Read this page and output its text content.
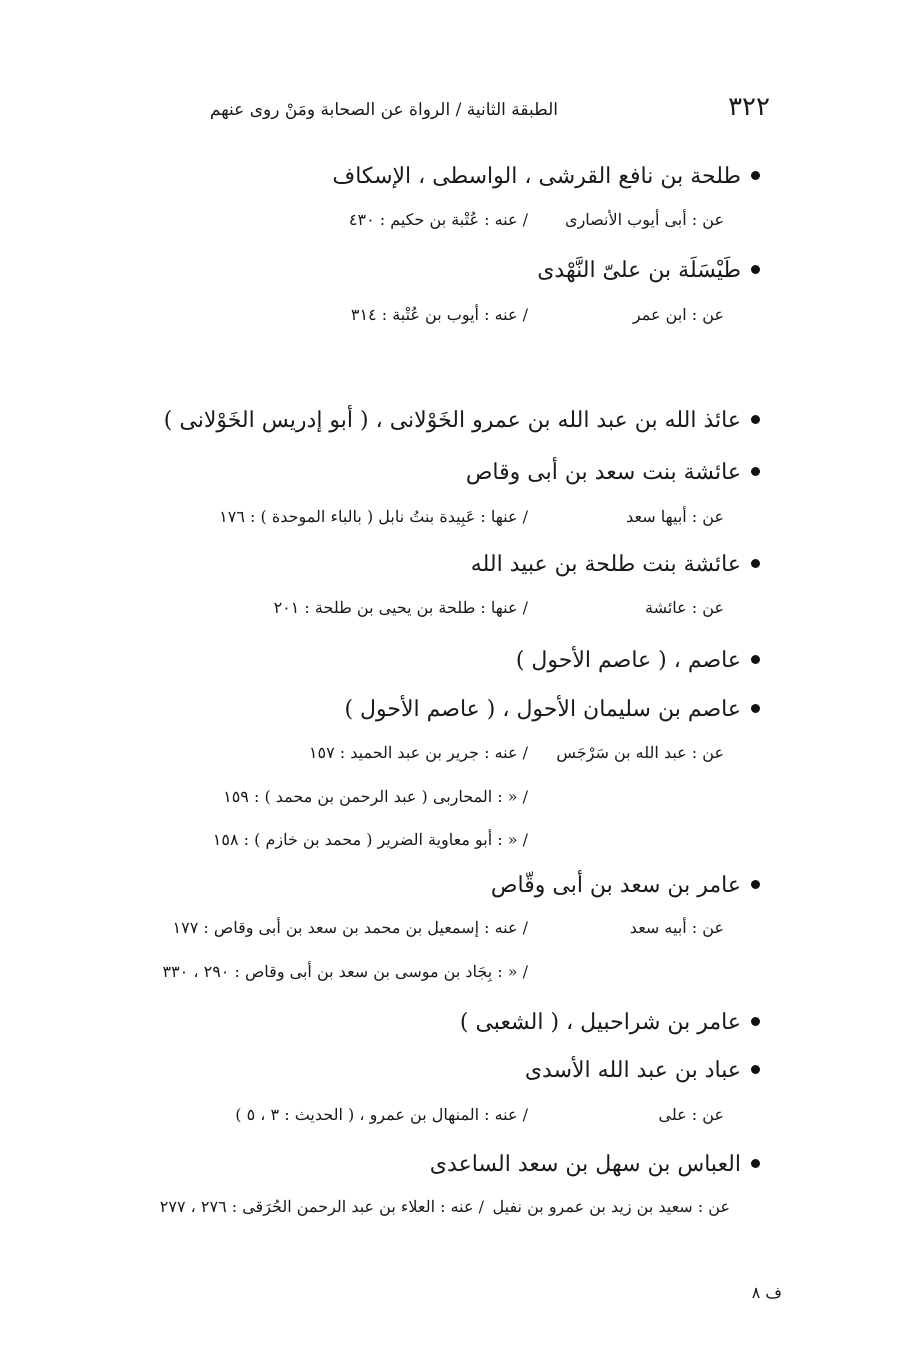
٣٢٢
الطبقة الثانية / الرواة عن الصحابة ومَنْ روى عنهم
طلحة بن نافع القرشى ، الواسطى ، الإسكاف
عن : أبى أيوب الأنصارى
/ عنه : عُتْبة بن حكيم : ٤٣٠
طَيْسَلَة بن علىّ النَّهْدى
عن : ابن عمر
/ عنه : أيوب بن عُتْبة : ٣١٤
عائذ الله بن عبد الله بن عمرو الخَوْلانى ، ( أبو إدريس الخَوْلانى )
عائشة بنت سعد بن أبى وقاص
عن : أبيها سعد
/ عنها : عَبِيدة بنتُ نابل ( بالباء الموحدة ) : ١٧٦
عائشة بنت طلحة بن عبيد الله
عن : عائشة
/ عنها : طلحة بن يحيى بن طلحة : ٢٠١
عاصم ، ( عاصم الأحول )
عاصم بن سليمان الأحول ، ( عاصم الأحول )
عن : عبد الله بن سَرْجَس
/ عنه : جرير بن عبد الحميد : ١٥٧
/ « : المحاربى ( عبد الرحمن بن محمد ) : ١٥٩
/ « : أبو معاوية الضرير ( محمد بن خازم ) : ١٥٨
عامر بن سعد بن أبى وقّاص
عن : أبيه سعد
/ عنه : إسمعيل بن محمد بن سعد بن أبى وقاص : ١٧٧
/ « : بِجَاد بن موسى بن سعد بن أبى وقاص : ٢٩٠ ، ٣٣٠
عامر بن شراحبيل ، ( الشعبى )
عباد بن عبد الله الأسدى
عن : على
/ عنه : المنهال بن عمرو ، ( الحديث : ٣ ، ٥ )
العباس بن سهل بن سعد الساعدى
عن : سعيد بن زيد بن عمرو بن نفيل
/ عنه : العلاء بن عبد الرحمن الحُرَقى : ٢٧٦ ، ٢٧٧
ف ٨
